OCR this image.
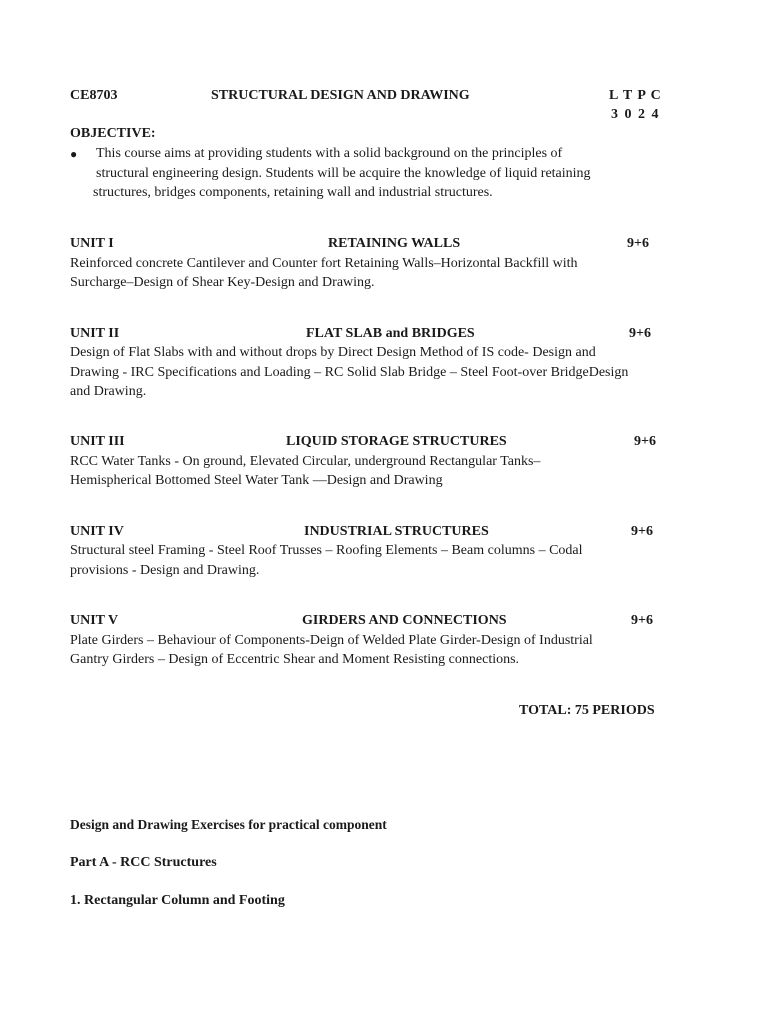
CE8703	STRUCTURAL DESIGN AND DRAWING	L T P C
3 0 2 4
OBJECTIVE:
● This course aims at providing students with a solid background on the principles of
structural engineering design. Students will be acquire the knowledge of liquid retaining
structures, bridges components, retaining wall and industrial structures.
UNIT I	RETAINING WALLS	9+6
Reinforced concrete Cantilever and Counter fort Retaining Walls–Horizontal Backfill with
Surcharge–Design of Shear Key-Design and Drawing.
UNIT II	FLAT SLAB and BRIDGES	9+6
Design of Flat Slabs with and without drops by Direct Design Method of IS code- Design and
Drawing - IRC Specifications and Loading – RC Solid Slab Bridge – Steel Foot-over BridgeDesign
and Drawing.
UNIT III	LIQUID STORAGE STRUCTURES	9+6
RCC Water Tanks - On ground, Elevated Circular, underground Rectangular Tanks–
Hemispherical Bottomed Steel Water Tank —Design and Drawing
UNIT IV	INDUSTRIAL STRUCTURES	9+6
Structural steel Framing - Steel Roof Trusses – Roofing Elements – Beam columns – Codal
provisions - Design and Drawing.
UNIT V	GIRDERS AND CONNECTIONS	9+6
Plate Girders – Behaviour of Components-Deign of Welded Plate Girder-Design of Industrial
Gantry Girders – Design of Eccentric Shear and Moment Resisting connections.
TOTAL: 75 PERIODS
Design and Drawing Exercises for practical component
Part A - RCC Structures
1. Rectangular Column and Footing
